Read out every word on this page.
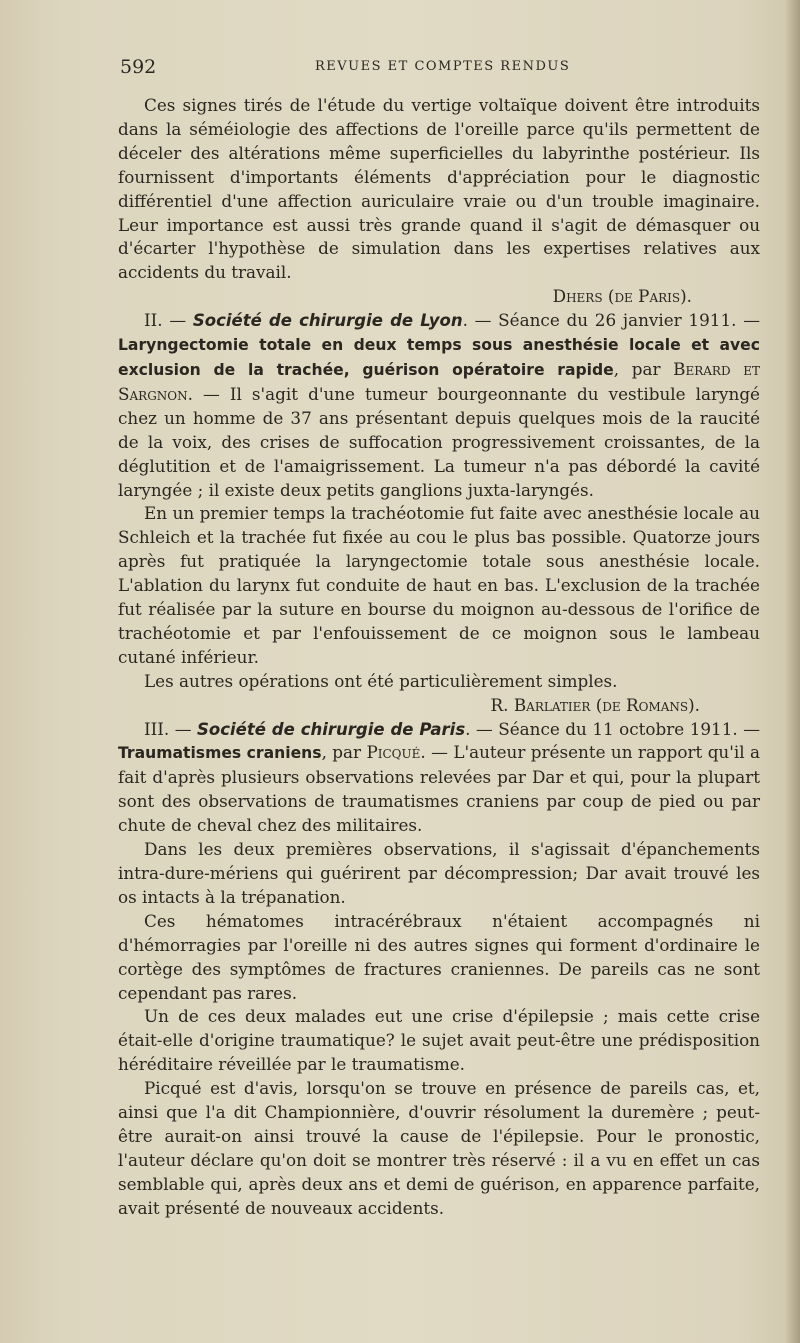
592	REVUES ET COMPTES RENDUS

Ces signes tirés de l'étude du vertige voltaïque doivent être introduits dans la séméiologie des affections de l'oreille parce qu'ils permettent de déceler des altérations même superficielles du labyrinthe postérieur. Ils fournissent d'importants éléments d'appréciation pour le diagnostic différentiel d'une affection auriculaire vraie ou d'un trouble imaginaire. Leur importance est aussi très grande quand il s'agit de démasquer ou d'écarter l'hypothèse de simulation dans les expertises relatives aux accidents du travail.

Dhers (de Paris).

II. — Société de chirurgie de Lyon. — Séance du 26 janvier 1911. — Laryngectomie totale en deux temps sous anesthésie locale et avec exclusion de la trachée, guérison opératoire rapide, par Berard et Sargnon. — Il s'agit d'une tumeur bourgeonnante du vestibule laryngé chez un homme de 37 ans présentant depuis quelques mois de la raucité de la voix, des crises de suffocation progressivement croissantes, de la déglutition et de l'amaigrissement. La tumeur n'a pas débordé la cavité laryngée ; il existe deux petits ganglions juxta-laryngés.

En un premier temps la trachéotomie fut faite avec anesthésie locale au Schleich et la trachée fut fixée au cou le plus bas possible. Quatorze jours après fut pratiquée la laryngectomie totale sous anesthésie locale. L'ablation du larynx fut conduite de haut en bas. L'exclusion de la trachée fut réalisée par la suture en bourse du moignon au-dessous de l'orifice de trachéotomie et par l'enfouissement de ce moignon sous le lambeau cutané inférieur.

Les autres opérations ont été particulièrement simples.

R. Barlatier (de Romans).

III. — Société de chirurgie de Paris. — Séance du 11 octobre 1911. — Traumatismes craniens, par Picqué. — L'auteur présente un rapport qu'il a fait d'après plusieurs observations relevées par Dar et qui, pour la plupart sont des observations de traumatismes craniens par coup de pied ou par chute de cheval chez des militaires.

Dans les deux premières observations, il s'agissait d'épanchements intra-dure-mériens qui guérirent par décompression; Dar avait trouvé les os intacts à la trépanation.

Ces hématomes intracérébraux n'étaient accompagnés ni d'hémorragies par l'oreille ni des autres signes qui forment d'ordinaire le cortège des symptômes de fractures craniennes. De pareils cas ne sont cependant pas rares.

Un de ces deux malades eut une crise d'épilepsie ; mais cette crise était-elle d'origine traumatique? le sujet avait peut-être une prédisposition héréditaire réveillée par le traumatisme.

Picqué est d'avis, lorsqu'on se trouve en présence de pareils cas, et, ainsi que l'a dit Championnière, d'ouvrir résolument la duremère ; peut-être aurait-on ainsi trouvé la cause de l'épilepsie. Pour le pronostic, l'auteur déclare qu'on doit se montrer très réservé : il a vu en effet un cas semblable qui, après deux ans et demi de guérison, en apparence parfaite, avait présenté de nouveaux accidents.
